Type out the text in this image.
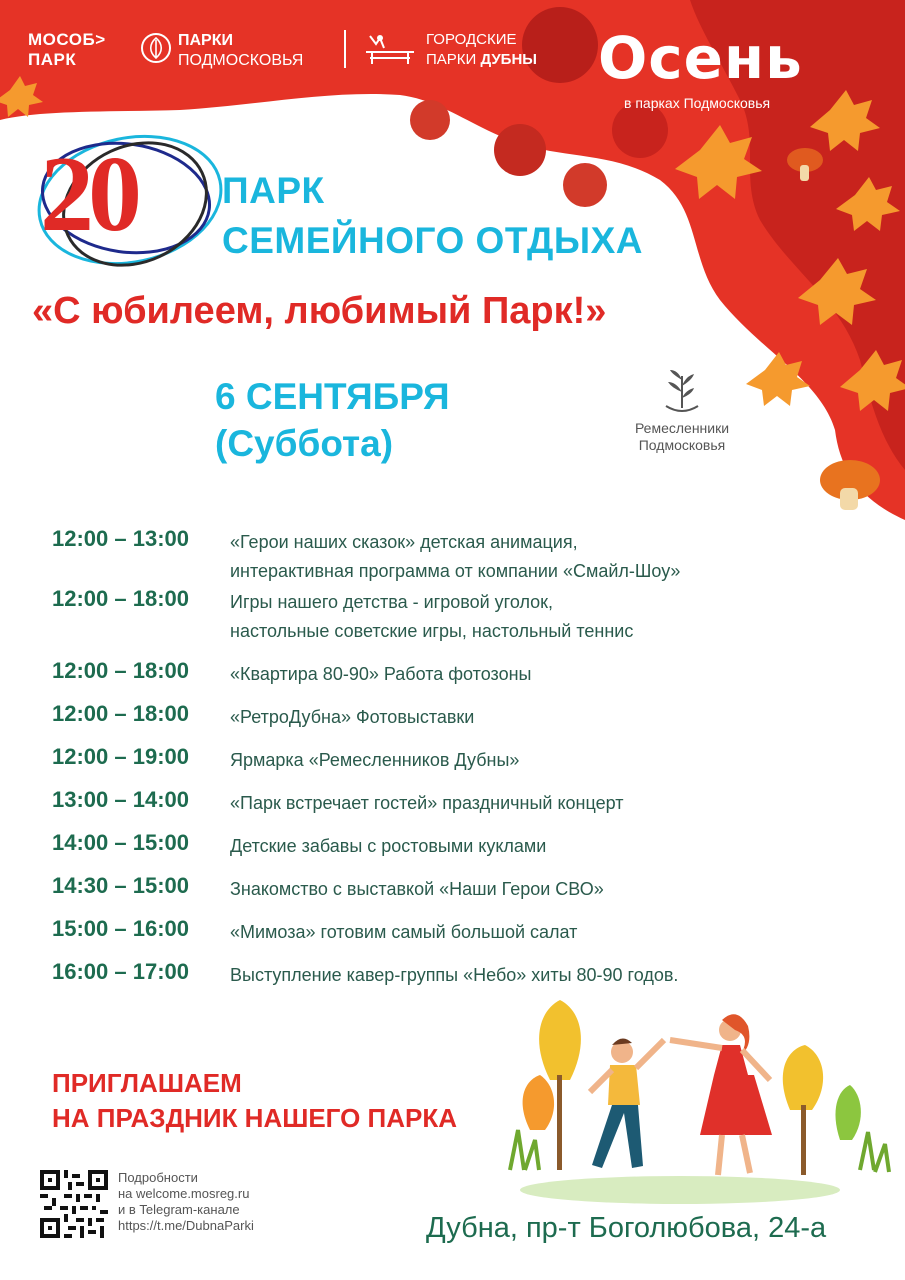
МОСОБ>
ПАРК
ПАРКИ
ПОДМОСКОВЬЯ
ГОРОДСКИЕ
ПАРКИ ДУБНЫ Осень
в парках Подмосковья
20 ПАРК
СЕМЕЙНОГО ОТДЫХА
«С юбилеем, любимый Парк!»
6 СЕНТЯБРЯ
(Суббота)	Ремесленники
Подмосковья
12:00 – 13:00 «Герои наших сказок» детская анимация,
интерактивная программа от компании «Смайл-Шоу»
12:00 – 18:00 Игры нашего детства - игровой уголок,
настольные советские игры, настольный теннис
12:00 – 18:00 «Квартира 80-90» Работа фотозоны
12:00 – 18:00 «РетроДубна» Фотовыставки
12:00 – 19:00 Ярмарка «Ремесленников Дубны»
13:00 – 14:00 «Парк встречает гостей» праздничный концерт
14:00 – 15:00 Детские забавы с ростовыми куклами
14:30 – 15:00 Знакомство с выставкой «Наши Герои СВО»
15:00 – 16:00 «Мимоза» готовим самый большой салат
16:00 – 17:00 Выступление кавер-группы «Небо» хиты 80-90 годов.
ПРИГЛАШАЕМ
НА ПРАЗДНИК НАШЕГО ПАРКА
Подробности
на welcome.mosreg.ru
и в Telegram-канале
https://t.me/DubnaParki	Дубна, пр-т Боголюбова, 24-а
